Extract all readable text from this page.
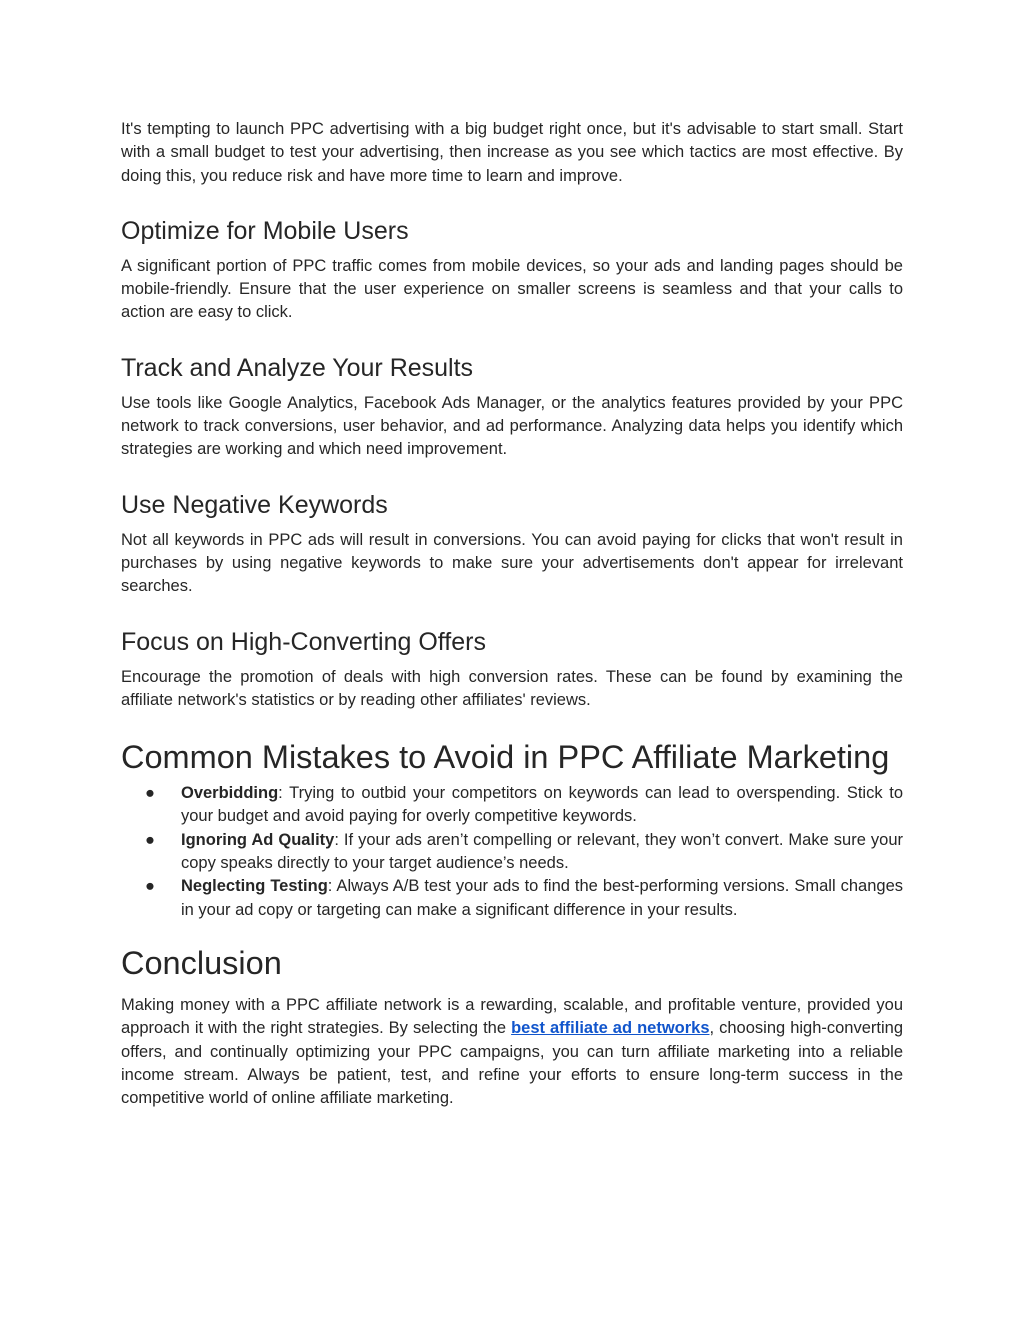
It's tempting to launch PPC advertising with a big budget right once, but it's advisable to start small. Start with a small budget to test your advertising, then increase as you see which tactics are most effective. By doing this, you reduce risk and have more time to learn and improve.

Optimize for Mobile Users

A significant portion of PPC traffic comes from mobile devices, so your ads and landing pages should be mobile-friendly. Ensure that the user experience on smaller screens is seamless and that your calls to action are easy to click.

Track and Analyze Your Results

Use tools like Google Analytics, Facebook Ads Manager, or the analytics features provided by your PPC network to track conversions, user behavior, and ad performance. Analyzing data helps you identify which strategies are working and which need improvement.

Use Negative Keywords

Not all keywords in PPC ads will result in conversions. You can avoid paying for clicks that won't result in purchases by using negative keywords to make sure your advertisements don't appear for irrelevant searches.

Focus on High-Converting Offers

Encourage the promotion of deals with high conversion rates. These can be found by examining the affiliate network's statistics or by reading other affiliates' reviews.

Common Mistakes to Avoid in PPC Affiliate Marketing
● Overbidding: Trying to outbid your competitors on keywords can lead to overspending. Stick to your budget and avoid paying for overly competitive keywords.
● Ignoring Ad Quality: If your ads aren’t compelling or relevant, they won’t convert. Make sure your copy speaks directly to your target audience’s needs.
● Neglecting Testing: Always A/B test your ads to find the best-performing versions. Small changes in your ad copy or targeting can make a significant difference in your results.
Conclusion

Making money with a PPC affiliate network is a rewarding, scalable, and profitable venture, provided you approach it with the right strategies. By selecting the best affiliate ad networks, choosing high-converting offers, and continually optimizing your PPC campaigns, you can turn affiliate marketing into a reliable income stream. Always be patient, test, and refine your efforts to ensure long-term success in the competitive world of online affiliate marketing.
